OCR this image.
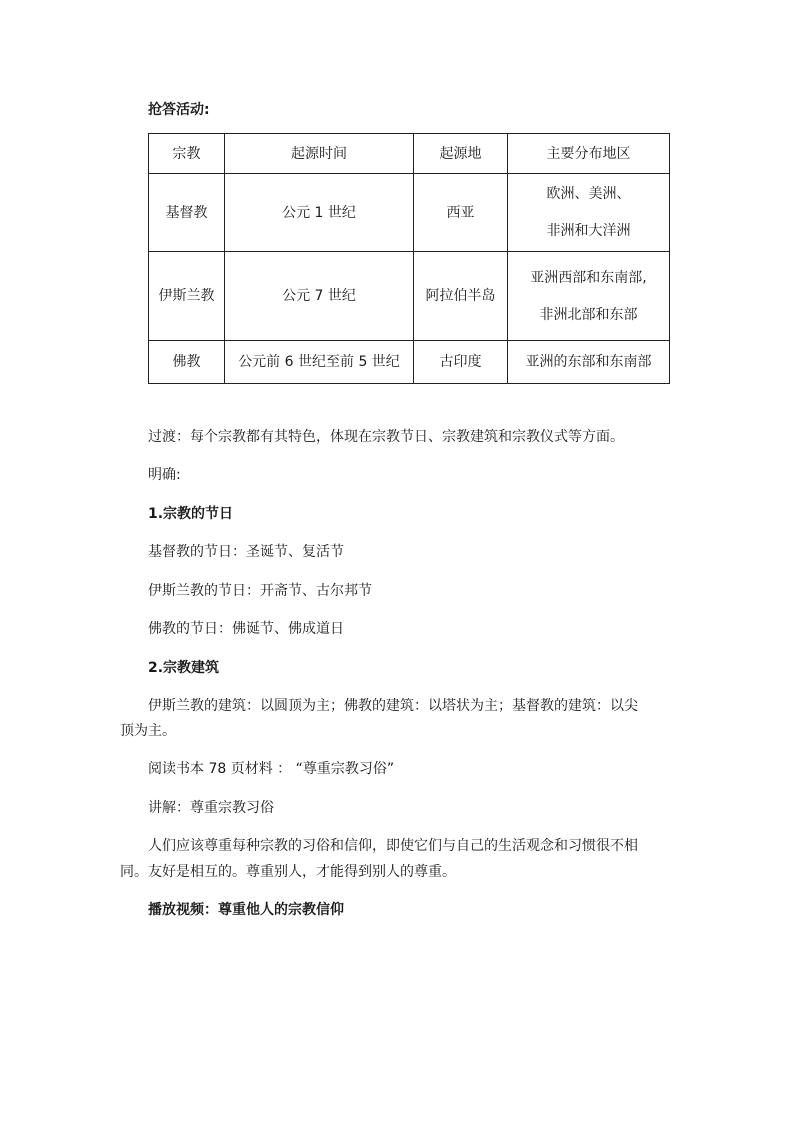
抢答活动:
宗教	起源时间	起源地	主要分布地区
基督教	公元 1 世纪	西亚	欧洲、美洲、
非洲和大洋洲

伊斯兰教	公元 7 世纪	阿拉伯半岛	亚洲西部和东南部,
非洲北部和东部

佛教	公元前 6 世纪至前 5 世纪	古印度	亚洲的东部和东南部
过渡：每个宗教都有其特色，体现在宗教节日、宗教建筑和宗教仪式等方面。
明确:
1.宗教的节日
基督教的节日：圣诞节、复活节
伊斯兰教的节日：开斋节、古尔邦节
佛教的节日：佛诞节、佛成道日
2.宗教建筑
伊斯兰教的建筑：以圆顶为主；佛教的建筑：以塔状为主；基督教的建筑：以尖
顶为主。
阅读书本 78 页材料 ： “尊重宗教习俗”
讲解：尊重宗教习俗
人们应该尊重每种宗教的习俗和信仰，即使它们与自己的生活观念和习惯很不相
同。友好是相互的。尊重别人，才能得到别人的尊重。
播放视频：尊重他人的宗教信仰
